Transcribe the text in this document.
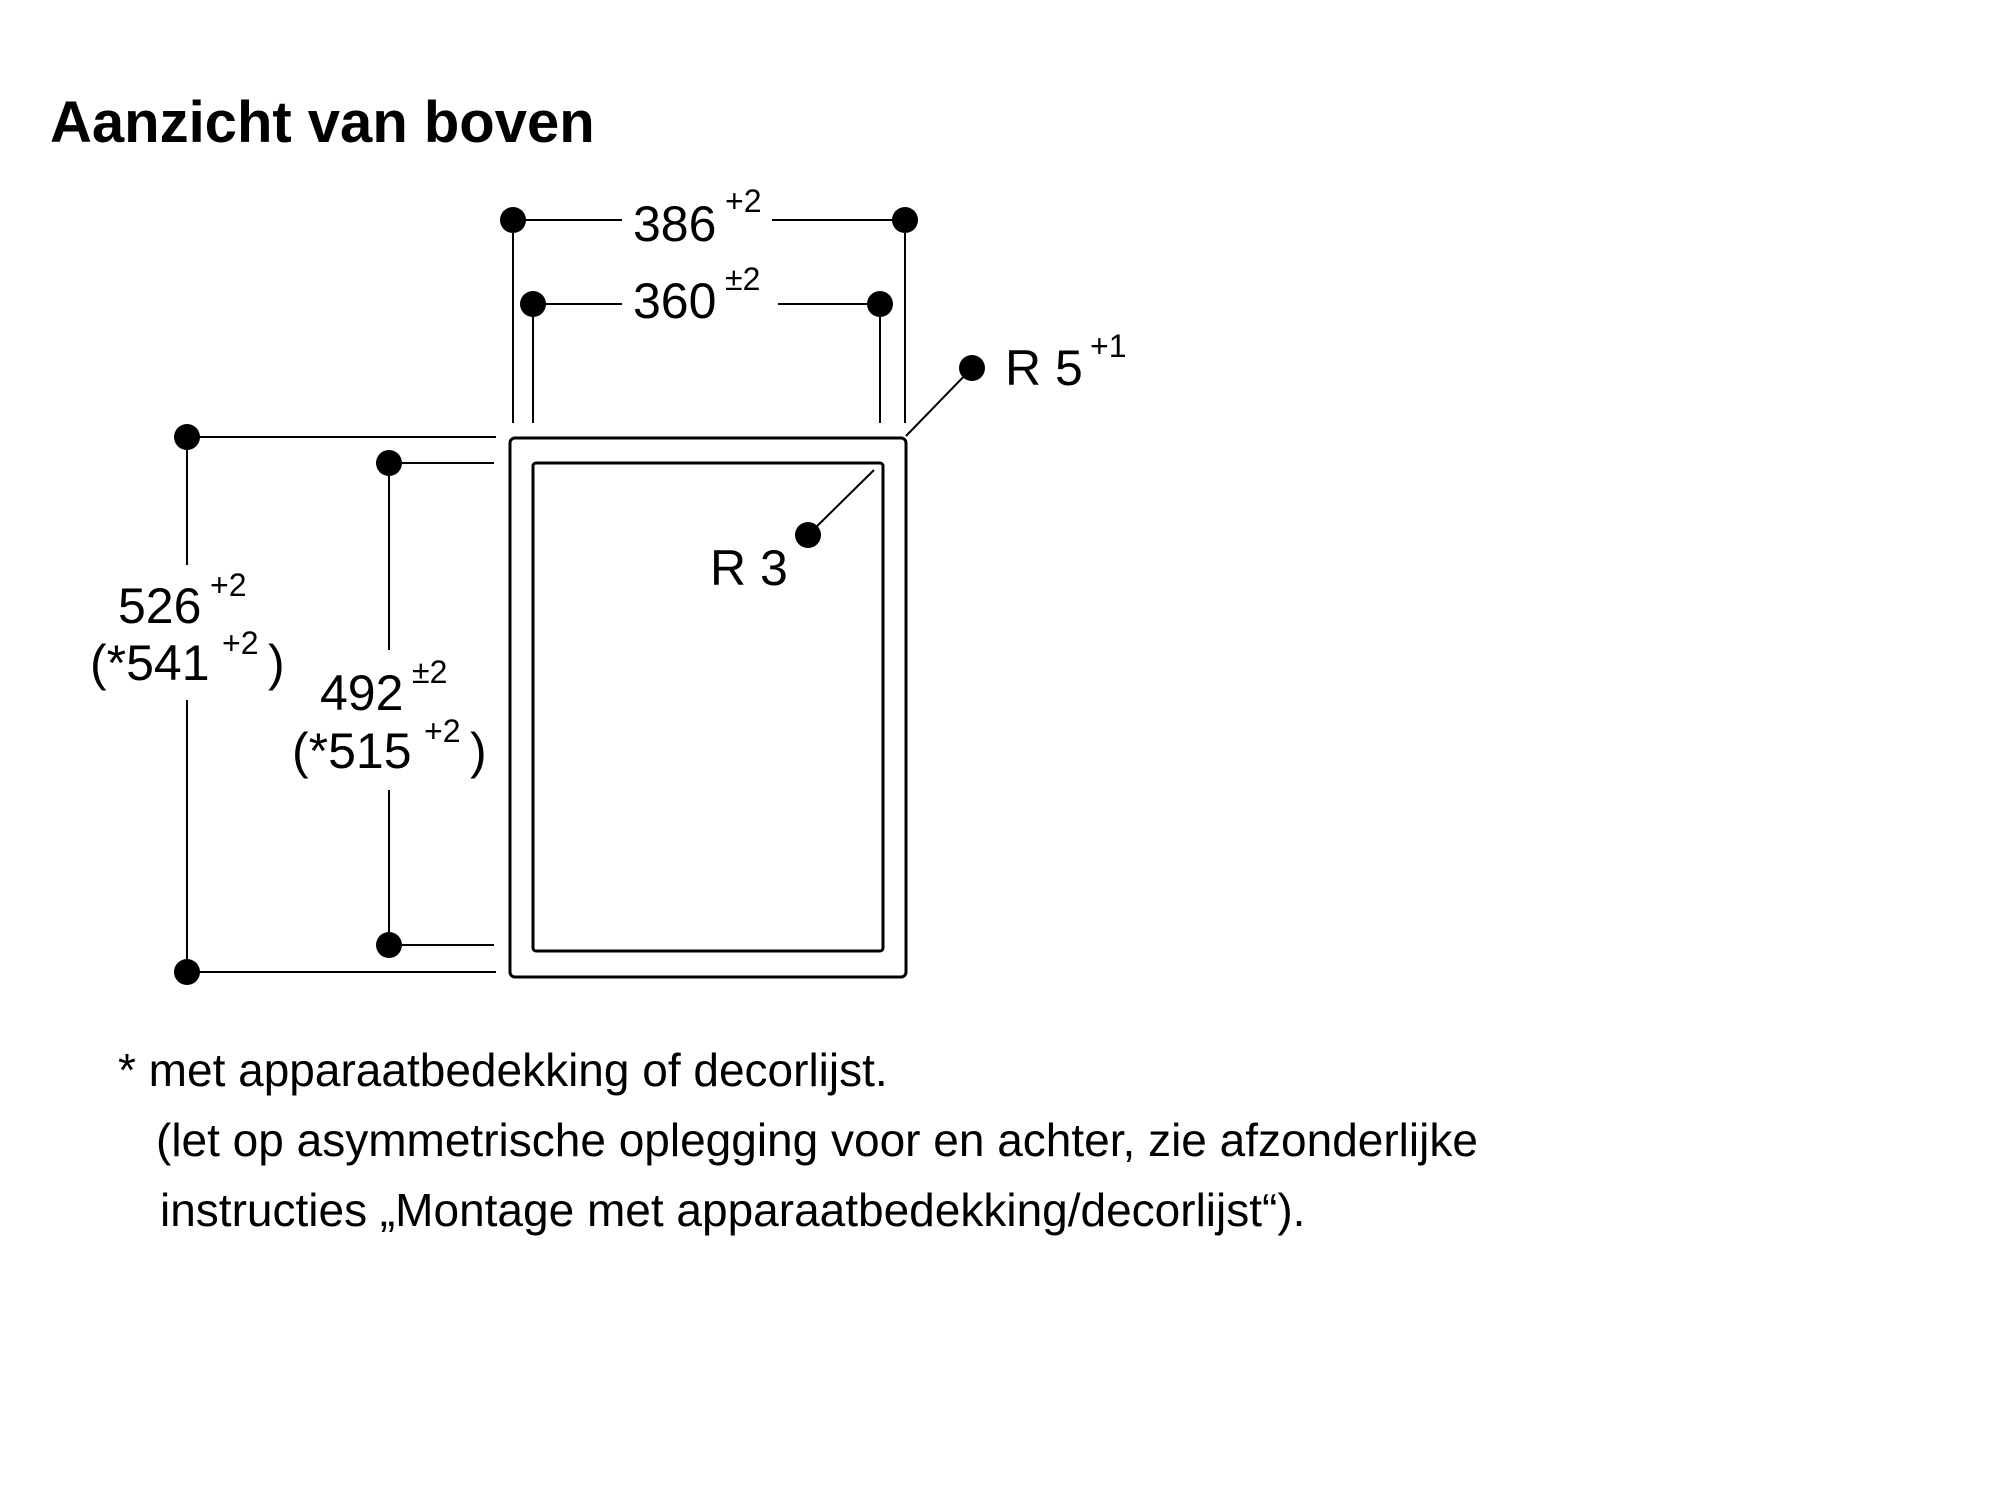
Aanzicht van boven
386 +2
360 ±2
R 5 +1
R 3
526 +2
(*541 +2 )
492 ±2
(*515 +2 )
* met apparaatbedekking of decorlijst.
(let op asymmetrische oplegging voor en achter, zie afzonderlijke
instructies „Montage met apparaatbedekking/decorlijst“).
